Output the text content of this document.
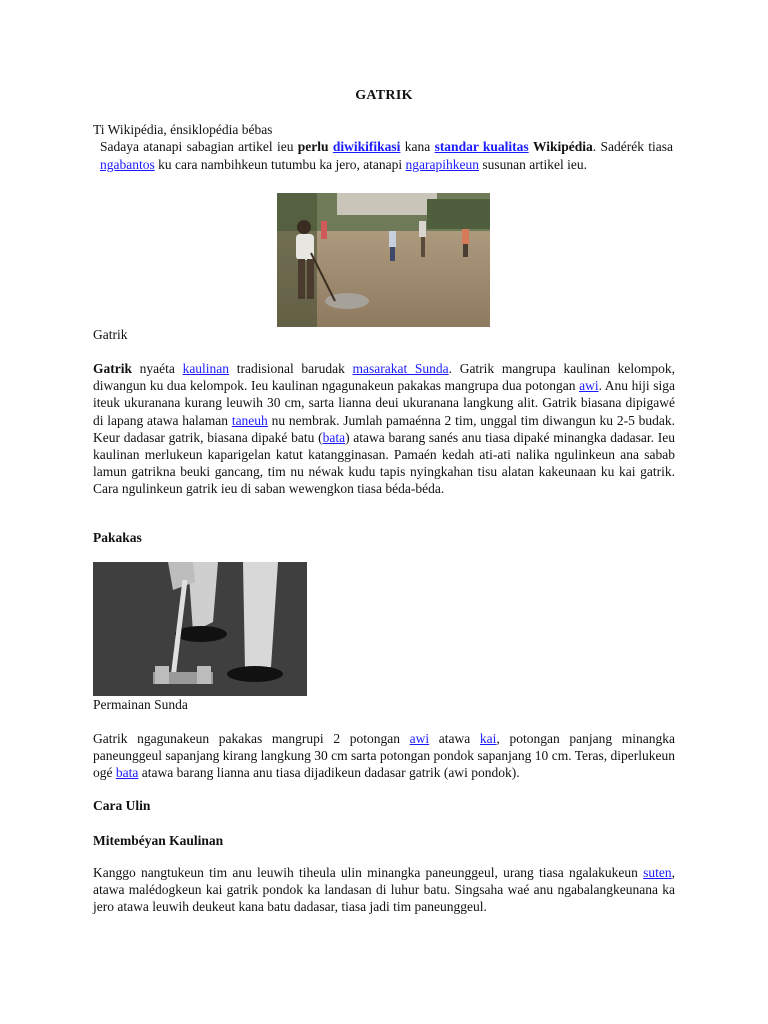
GATRIK
Ti Wikipédia, énsiklopédia bébas
Sadaya atanapi sabagian artikel ieu perlu diwikifikasi kana standar kualitas Wikipédia. Sadérék tiasa ngabantos ku cara nambihkeun tutumbu ka jero, atanapi ngarapihkeun susunan artikel ieu.
Gatrik

Gatrik nyaéta kaulinan tradisional barudak masarakat Sunda. Gatrik mangrupa kaulinan kelompok, diwangun ku dua kelompok. Ieu kaulinan ngagunakeun pakakas mangrupa dua potongan awi. Anu hiji siga iteuk ukuranana kurang leuwih 30 cm, sarta lianna deui ukuranana langkung alit. Gatrik biasana dipigawé di lapang atawa halaman taneuh nu nembrak. Jumlah pamaénna 2 tim, unggal tim diwangun ku 2-5 budak. Keur dadasar gatrik, biasana dipaké batu (bata) atawa barang sanés anu tiasa dipaké minangka dadasar. Ieu kaulinan merlukeun kaparigelan katut katangginasan. Pamaén kedah ati-ati nalika ngulinkeun ana sabab lamun gatrikna beuki gancang, tim nu néwak kudu tapis nyingkahan tisu alatan kakeunaan ku kai gatrik. Cara ngulinkeun gatrik ieu di saban wewengkon tiasa béda-béda.

Pakakas
Permainan Sunda

Gatrik ngagunakeun pakakas mangrupi 2 potongan awi atawa kai, potongan panjang minangka paneunggeul sapanjang kirang langkung 30 cm sarta potongan pondok sapanjang 10 cm. Teras, diperlukeun ogé bata atawa barang lianna anu tiasa dijadikeun dadasar gatrik (awi pondok).

Cara Ulin
Mitembéyan Kaulinan

Kanggo nangtukeun tim anu leuwih tiheula ulin minangka paneunggeul, urang tiasa ngalakukeun suten, atawa malédogkeun kai gatrik pondok ka landasan di luhur batu. Singsaha waé anu ngabalangkeunana ka jero atawa leuwih deukeut kana batu dadasar, tiasa jadi tim paneunggeul.
